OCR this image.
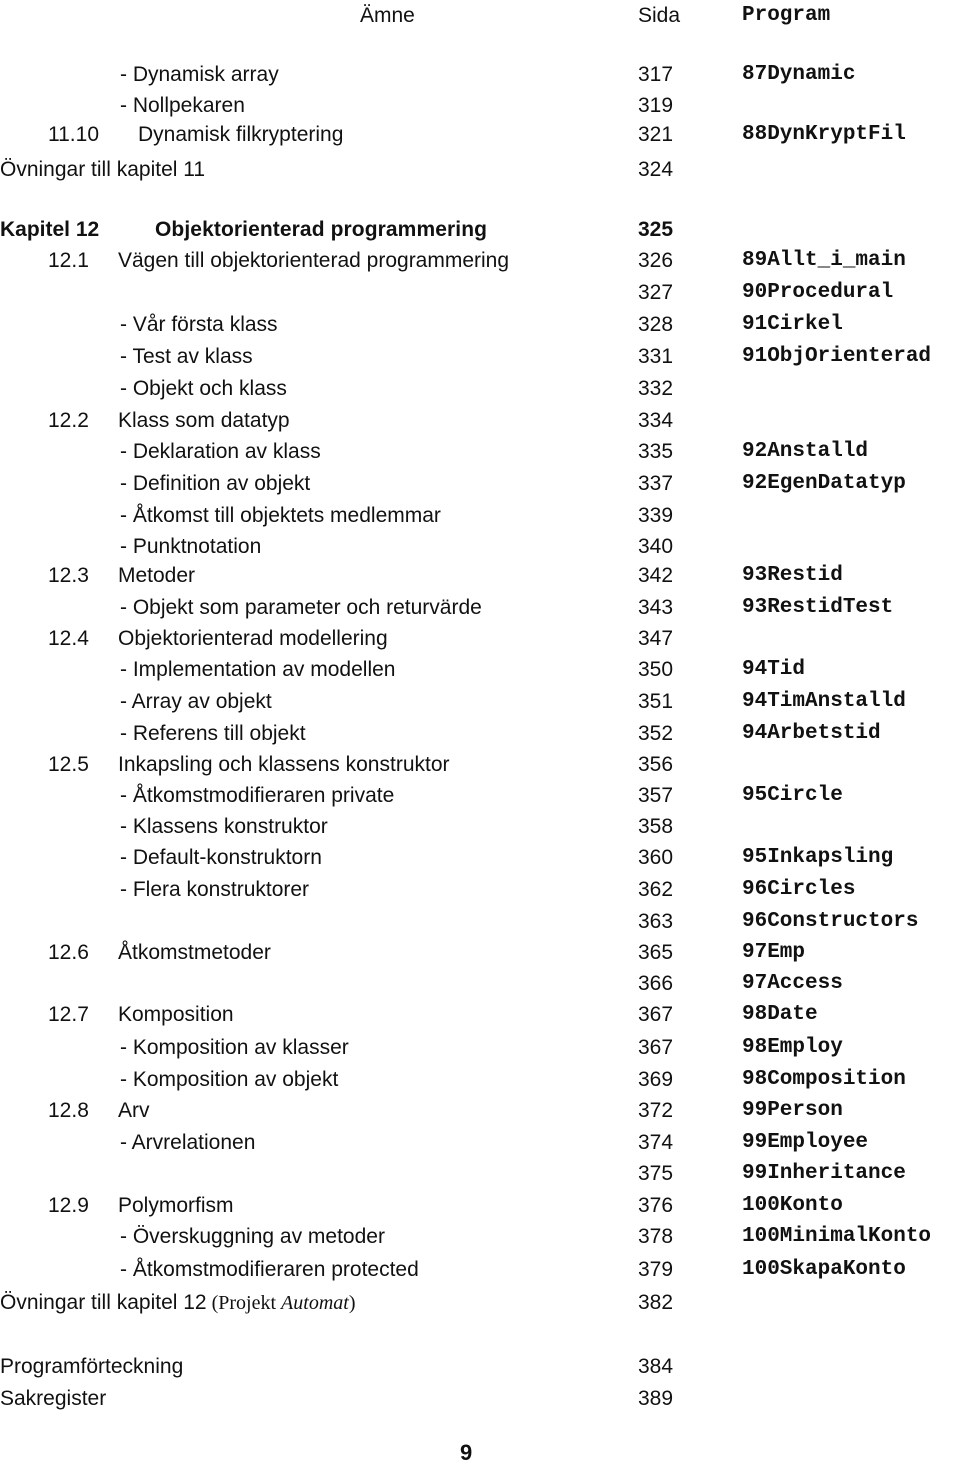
Ämne	Sida	Program
- Dynamisk array	317	87Dynamic
- Nollpekaren	319
11.10 Dynamisk filkryptering	321	88DynKryptFil
Övningar till kapitel 11	324
Kapitel 12	Objektorienterad programmering	325
12.1 Vägen till objektorienterad programmering	326	89Allt_i_main
327	90Procedural
- Vår första klass	328	91Cirkel
- Test av klass	331	91ObjOrienterad
- Objekt och klass	332
12.2 Klass som datatyp	334
- Deklaration av klass	335	92Anstalld
- Definition av objekt	337	92EgenDatatyp
- Åtkomst till objektets medlemmar	339
- Punktnotation	340
12.3 Metoder	342	93Restid
- Objekt som parameter och returvärde	343	93RestidTest
12.4 Objektorienterad modellering	347
- Implementation av modellen	350	94Tid
- Array av objekt	351	94TimAnstalld
- Referens till objekt	352	94Arbetstid
12.5 Inkapsling och klassens konstruktor	356
- Åtkomstmodifieraren private	357	95Circle
- Klassens konstruktor	358
- Default-konstruktorn	360	95Inkapsling
- Flera konstruktorer	362	96Circles
363	96Constructors
12.6 Åtkomstmetoder	365	97Emp
366	97Access
12.7 Komposition	367	98Date
- Komposition av klasser	367	98Employ
- Komposition av objekt	369	98Composition
12.8 Arv	372	99Person
- Arvrelationen	374	99Employee
375	99Inheritance
12.9 Polymorfism	376	100Konto
- Överskuggning av metoder	378	100MinimalKonto
- Åtkomstmodifieraren protected	379	100SkapaKonto
Övningar till kapitel 12 (Projekt Automat)	382
Programförteckning	384
Sakregister	389
9
